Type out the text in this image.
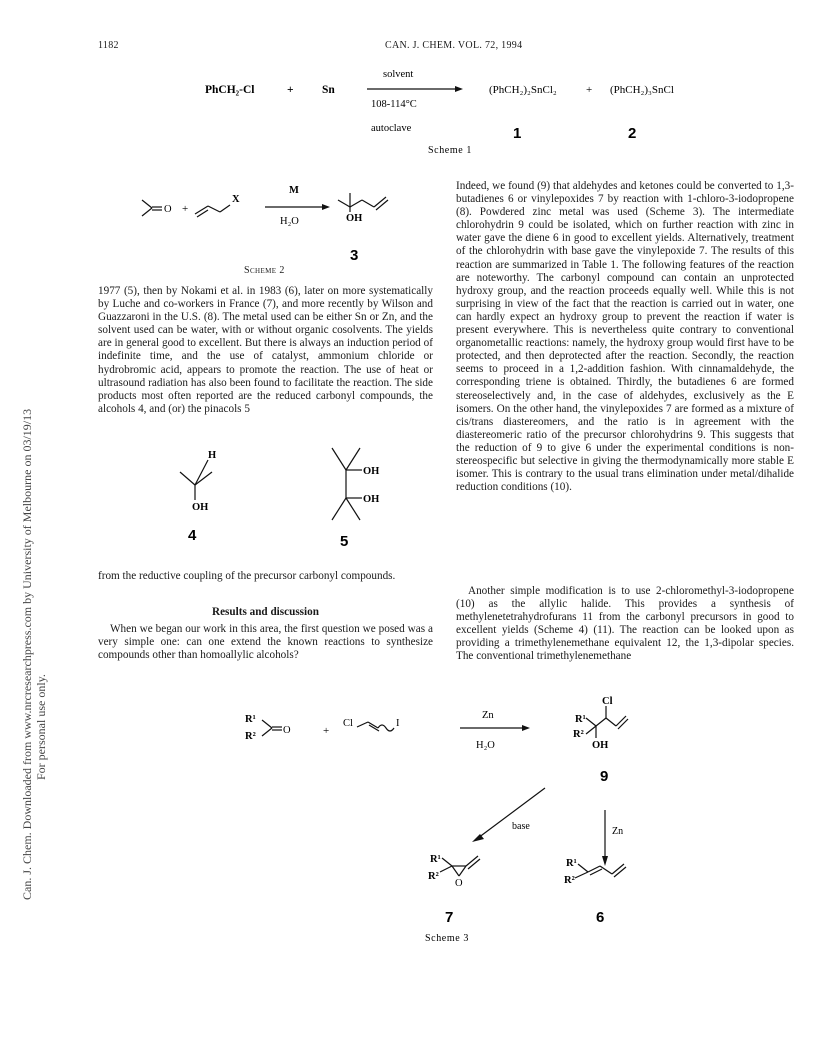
Can. J. Chem. Downloaded from www.nrcresearchpress.com by University of Melbourne on 03/19/13 For personal use only.
1182	CAN. J. CHEM. VOL. 72, 1994
PhCH₂-Cl	+ Sn
solvent
108-114°C
autoclave
(PhCH₂)₂SnCl₂	+ (PhCH₂)₃SnCl
1	2
Scheme 1
O +
X
M
H₂O	OH
3
Scheme 2

1977 (5), then by Nokami et al. in 1983 (6), later on more systematically by Luche and co-workers in France (7), and more recently by Wilson and Guazzaroni in the U.S. (8). The metal used can be either Sn or Zn, and the solvent used can be water, with or without organic cosolvents. The yields are in general good to excellent. But there is always an induction period of indefinite time, and the use of catalyst, ammonium chloride or hydrobromic acid, appears to promote the reaction. The use of heat or ultrasound radiation has also been found to facilitate the reaction. The side products most often reported are the reduced carbonyl compounds, the alcohols 4, and (or) the pinacols 5

H
OH
4
OH
OH
5

from the reductive coupling of the precursor carbonyl compounds.

Results and discussion

When we began our work in this area, the first question we posed was a very simple one: can one extend the known reactions to synthesize compounds other than homoallylic alcohols?

Indeed, we found (9) that aldehydes and ketones could be converted to 1,3-butadienes 6 or vinylepoxides 7 by reaction with 1-chloro-3-iodopropene (8). Powdered zinc metal was used (Scheme 3). The intermediate chlorohydrin 9 could be isolated, which on further reaction with zinc in water gave the diene 6 in good to excellent yields. Alternatively, treatment of the chlorohydrin with base gave the vinylepoxide 7. The results of this reaction are summarized in Table 1. The following features of the reaction are noteworthy. The carbonyl compound can contain an unprotected hydroxy group, and the reaction proceeds equally well. While this is not surprising in view of the fact that the reaction is carried out in water, one can hardly expect an hydroxy group to prevent the reaction if water is present everywhere. This is nevertheless quite contrary to conventional organometallic reactions: namely, the hydroxy group would first have to be protected, and then deprotected after the reaction. Secondly, the reaction seems to proceed in a 1,2-addition fashion. With cinnamaldehyde, the corresponding triene is obtained. Thirdly, the butadienes 6 are formed stereoselectively and, in the case of aldehydes, exclusively as the E isomers. On the other hand, the vinylepoxides 7 are formed as a mixture of cis/trans diastereomers, and the ratio is in agreement with the diastereomeric ratio of the precursor chlorohydrins 9. This suggests that the reduction of 9 to give 6 under the experimental conditions is non-stereospecific but selective in giving the thermodynamically more stable E isomer. This is contrary to the usual trans elimination under metal/dihalide reduction conditions (10).

Another simple modification is to use 2-chloromethyl-3-iodopropene (10) as the allylic halide. This provides a synthesis of methylenetetrahydrofurans 11 from the carbonyl precursors in good to excellent yields (Scheme 4) (11). The reaction can be looked upon as providing a trimethylenemethane equivalent 12, the 1,3-dipolar species. The conventional trimethylenemethane

R¹
R²
O	+
Cl	I
Zn
H₂O
R¹
R²
Cl
OH
9
base	Zn
R¹
R²
O
R¹
R²
7	6
Scheme 3
